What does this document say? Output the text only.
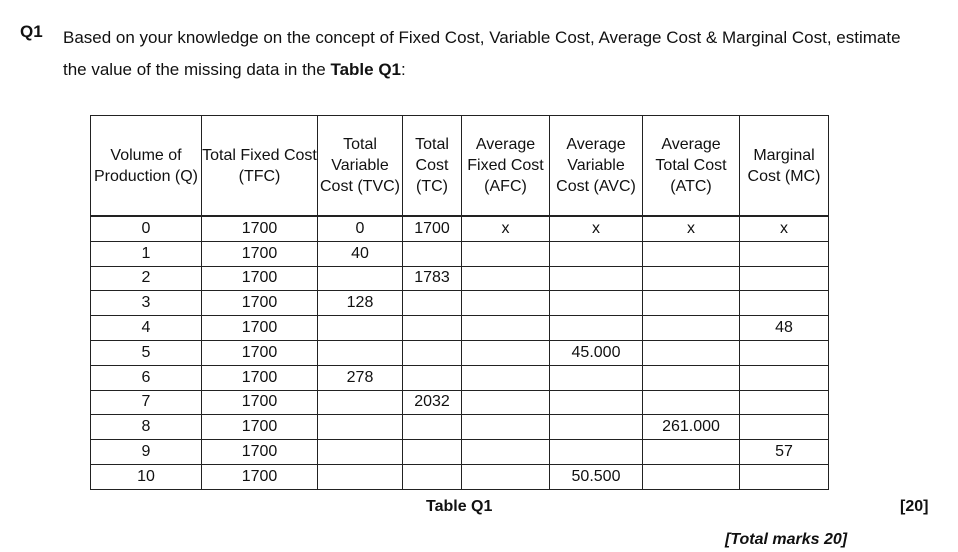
Q1 Based on your knowledge on the concept of Fixed Cost, Variable Cost, Average Cost & Marginal Cost, estimate the value of the missing data in the Table Q1:
Volume of Production (Q)	Total Fixed Cost (TFC)	Total Variable Cost (TVC)	Total Cost (TC)	Average Fixed Cost (AFC)	Average Variable Cost (AVC)	Average Total Cost (ATC)	Marginal Cost (MC)
0	1700	0	1700	x	x	x	x
1	1700	40					
2	1700		1783				
3	1700	128					
4	1700						48
5	1700				45.000		
6	1700	278					
7	1700		2032				
8	1700					261.000	
9	1700						57
10	1700				50.500		
Table Q1	[20]
[Total marks 20]
